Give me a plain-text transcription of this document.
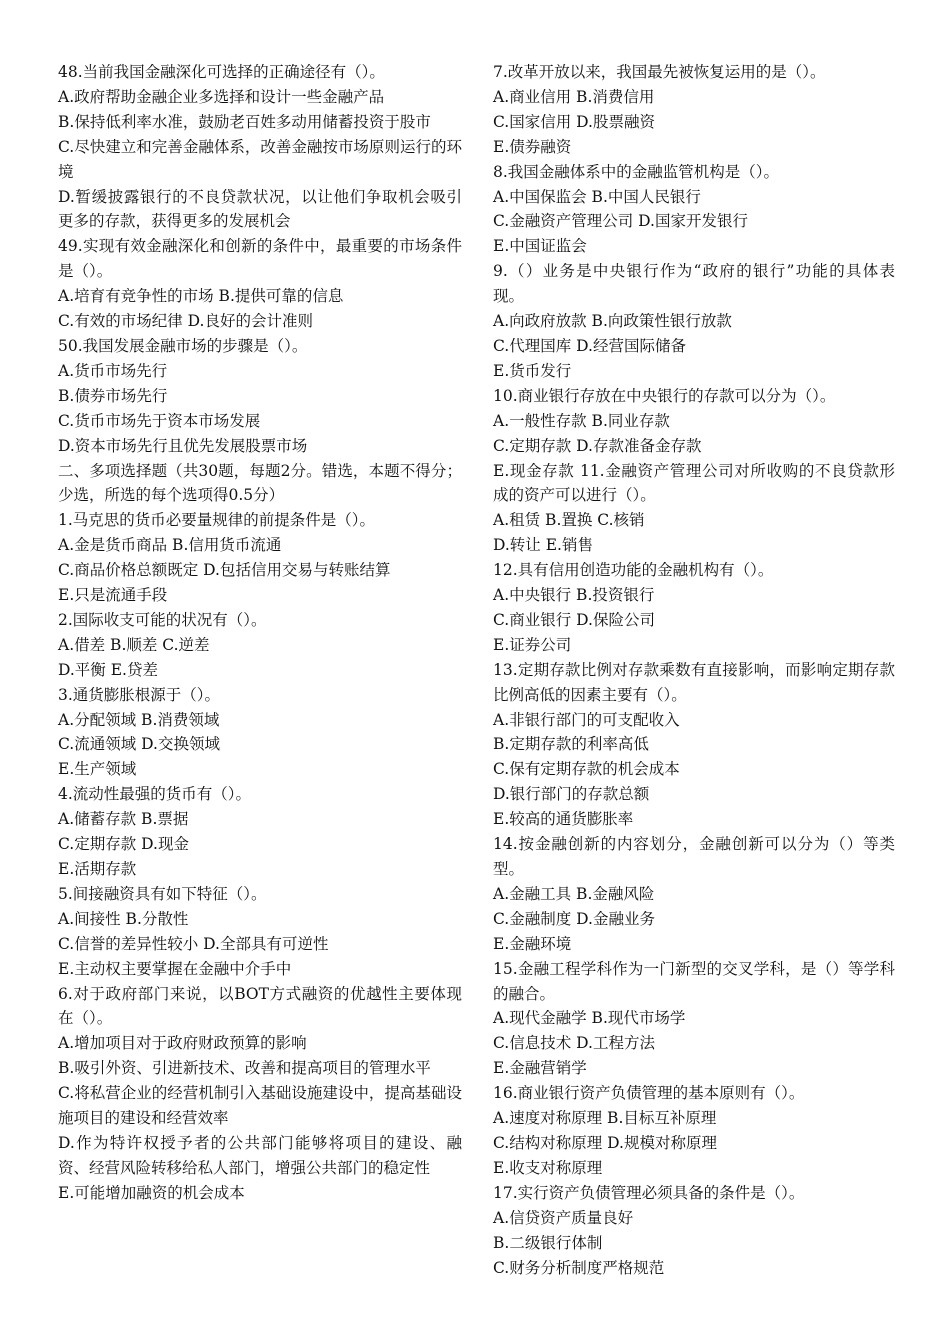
48.当前我国金融深化可选择的正确途径有（）。

A.政府帮助金融企业多选择和设计一些金融产品

B.保持低利率水准，鼓励老百姓多动用储蓄投资于股市

C.尽快建立和完善金融体系，改善金融按市场原则运行的环境

D.暂缓披露银行的不良贷款状况，以让他们争取机会吸引更多的存款，获得更多的发展机会

49.实现有效金融深化和创新的条件中，最重要的市场条件是（）。

A.培育有竞争性的市场 B.提供可靠的信息

C.有效的市场纪律 D.良好的会计准则

50.我国发展金融市场的步骤是（）。

A.货币市场先行

B.债券市场先行

C.货币市场先于资本市场发展

D.资本市场先行且优先发展股票市场

二、多项选择题（共30题，每题2分。错选，本题不得分；少选，所选的每个选项得0.5分）

1.马克思的货币必要量规律的前提条件是（）。

A.金是货币商品 B.信用货币流通

C.商品价格总额既定 D.包括信用交易与转账结算

E.只是流通手段

2.国际收支可能的状况有（）。

A.借差 B.顺差 C.逆差

D.平衡 E.贷差

3.通货膨胀根源于（）。

A.分配领域 B.消费领域

C.流通领域 D.交换领域

E.生产领域

4.流动性最强的货币有（）。

A.储蓄存款 B.票据

C.定期存款 D.现金

E.活期存款

5.间接融资具有如下特征（）。

A.间接性 B.分散性

C.信誉的差异性较小 D.全部具有可逆性

E.主动权主要掌握在金融中介手中

6.对于政府部门来说，以BOT方式融资的优越性主要体现在（）。

A.增加项目对于政府财政预算的影响

B.吸引外资、引进新技术、改善和提高项目的管理水平

C.将私营企业的经营机制引入基础设施建设中，提高基础设施项目的建设和经营效率

D.作为特许权授予者的公共部门能够将项目的建设、融资、经营风险转移给私人部门，增强公共部门的稳定性

E.可能增加融资的机会成本

7.改革开放以来，我国最先被恢复运用的是（）。

A.商业信用 B.消费信用

C.国家信用 D.股票融资

E.债券融资

8.我国金融体系中的金融监管机构是（）。

A.中国保监会 B.中国人民银行

C.金融资产管理公司 D.国家开发银行

E.中国证监会

9.（）业务是中央银行作为“政府的银行”功能的具体表现。

A.向政府放款 B.向政策性银行放款

C.代理国库 D.经营国际储备

E.货币发行

10.商业银行存放在中央银行的存款可以分为（）。

A.一般性存款 B.同业存款

C.定期存款 D.存款准备金存款

E.现金存款 11.金融资产管理公司对所收购的不良贷款形成的资产可以进行（）。

A.租赁 B.置换 C.核销

D.转让 E.销售

12.具有信用创造功能的金融机构有（）。

A.中央银行 B.投资银行

C.商业银行 D.保险公司

E.证券公司

13.定期存款比例对存款乘数有直接影响，而影响定期存款比例高低的因素主要有（）。

A.非银行部门的可支配收入

B.定期存款的利率高低

C.保有定期存款的机会成本

D.银行部门的存款总额

E.较高的通货膨胀率

14.按金融创新的内容划分，金融创新可以分为（）等类型。

A.金融工具 B.金融风险

C.金融制度 D.金融业务

E.金融环境

15.金融工程学科作为一门新型的交叉学科，是（）等学科的融合。

A.现代金融学 B.现代市场学

C.信息技术 D.工程方法

E.金融营销学

16.商业银行资产负债管理的基本原则有（）。

A.速度对称原理 B.目标互补原理

C.结构对称原理 D.规模对称原理

E.收支对称原理

17.实行资产负债管理必须具备的条件是（）。

A.信贷资产质量良好

B.二级银行体制

C.财务分析制度严格规范
